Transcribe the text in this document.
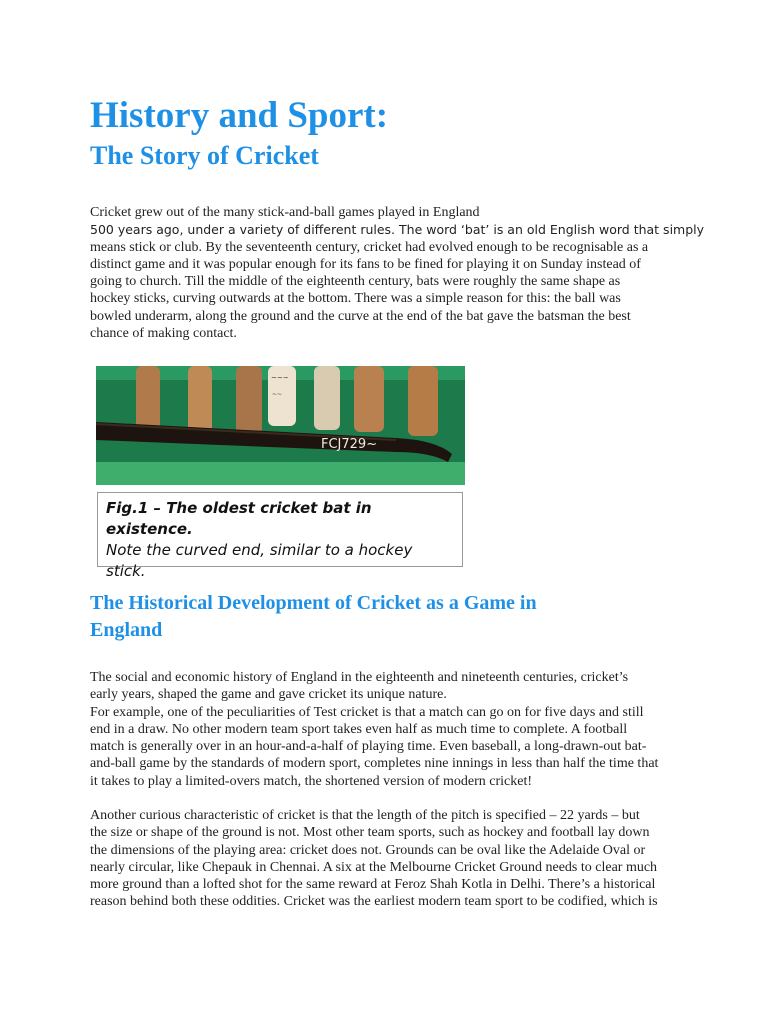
History and Sport:
The Story of Cricket
Cricket grew out of the many stick-and-ball games played in England
500 years ago, under a variety of different rules. The word ‘bat’ is an old English word that simply
means stick or club. By the seventeenth century, cricket had evolved enough to be recognisable as a
distinct game and it was popular enough for its fans to be fined for playing it on Sunday instead of
going to church. Till the middle of the eighteenth century, bats were roughly the same shape as
hockey sticks, curving outwards at the bottom. There was a simple reason for this: the ball was
bowled underarm, along the ground and the curve at the end of the bat gave the batsman the best
chance of making contact.
~~~
~~
FCJ729~
Fig.1 – The oldest cricket bat in existence.
Note the curved end, similar to a hockey
stick.
The Historical Development of Cricket as a Game in
England
The social and economic history of England in the eighteenth and nineteenth centuries, cricket’s
early years, shaped the game and gave cricket its unique nature.
For example, one of the peculiarities of Test cricket is that a match can go on for five days and still
end in a draw. No other modern team sport takes even half as much time to complete. A football
match is generally over in an hour-and-a-half of playing time. Even baseball, a long-drawn-out bat-
and-ball game by the standards of modern sport, completes nine innings in less than half the time that
it takes to play a limited-overs match, the shortened version of modern cricket!
Another curious characteristic of cricket is that the length of the pitch is specified – 22 yards – but
the size or shape of the ground is not. Most other team sports, such as hockey and football lay down
the dimensions of the playing area: cricket does not. Grounds can be oval like the Adelaide Oval or
nearly circular, like Chepauk in Chennai. A six at the Melbourne Cricket Ground needs to clear much
more ground than a lofted shot for the same reward at Feroz Shah Kotla in Delhi. There’s a historical
reason behind both these oddities. Cricket was the earliest modern team sport to be codified, which is
